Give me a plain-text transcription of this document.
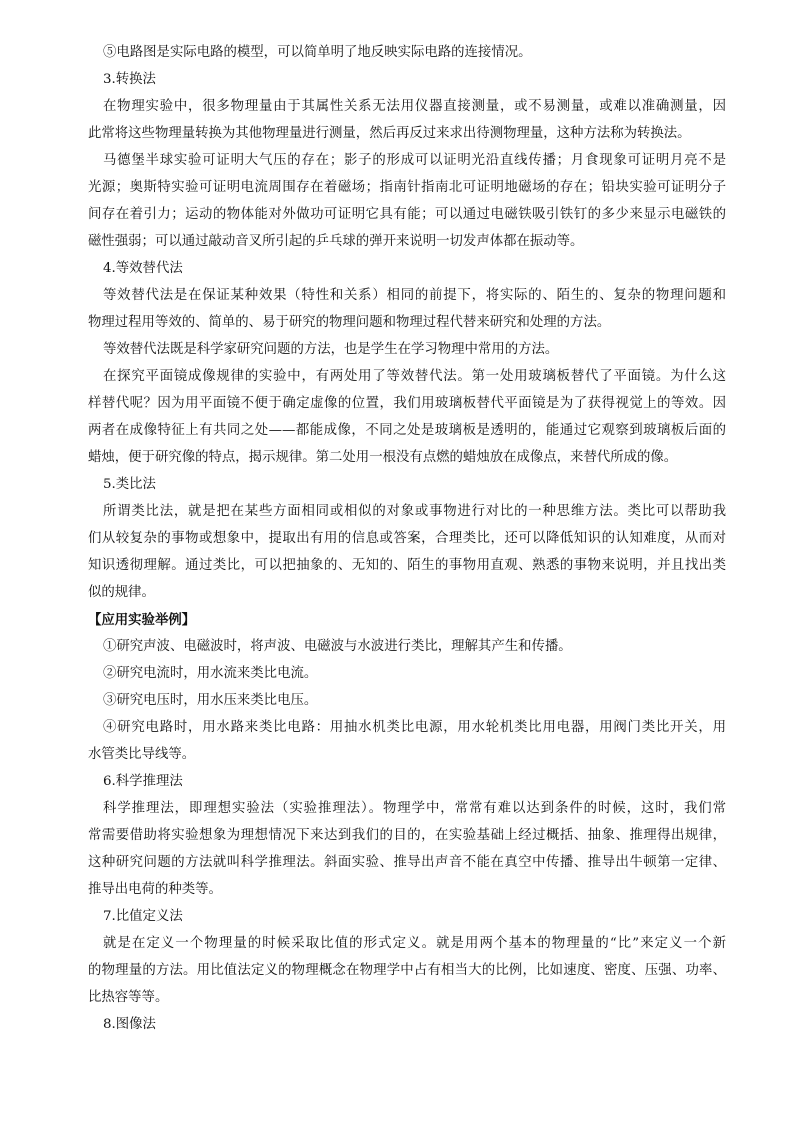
⑤电路图是实际电路的模型，可以简单明了地反映实际电路的连接情况。
3.转换法
在物理实验中，很多物理量由于其属性关系无法用仪器直接测量，或不易测量，或难以准确测量，因
此常将这些物理量转换为其他物理量进行测量，然后再反过来求出待测物理量，这种方法称为转换法。
马德堡半球实验可证明大气压的存在；影子的形成可以证明光沿直线传播；月食现象可证明月亮不是
光源；奥斯特实验可证明电流周围存在着磁场；指南针指南北可证明地磁场的存在；铅块实验可证明分子
间存在着引力；运动的物体能对外做功可证明它具有能；可以通过电磁铁吸引铁钉的多少来显示电磁铁的
磁性强弱；可以通过敲动音叉所引起的乒乓球的弹开来说明一切发声体都在振动等。
4.等效替代法
等效替代法是在保证某种效果（特性和关系）相同的前提下，将实际的、陌生的、复杂的物理问题和
物理过程用等效的、简单的、易于研究的物理问题和物理过程代替来研究和处理的方法。
等效替代法既是科学家研究问题的方法，也是学生在学习物理中常用的方法。
在探究平面镜成像规律的实验中，有两处用了等效替代法。第一处用玻璃板替代了平面镜。为什么这
样替代呢？因为用平面镜不便于确定虚像的位置，我们用玻璃板替代平面镜是为了获得视觉上的等效。因
两者在成像特征上有共同之处——都能成像，不同之处是玻璃板是透明的，能通过它观察到玻璃板后面的
蜡烛，便于研究像的特点，揭示规律。第二处用一根没有点燃的蜡烛放在成像点，来替代所成的像。
5.类比法
所谓类比法，就是把在某些方面相同或相似的对象或事物进行对比的一种思维方法。类比可以帮助我
们从较复杂的事物或想象中，提取出有用的信息或答案，合理类比，还可以降低知识的认知难度，从而对
知识透彻理解。通过类比，可以把抽象的、无知的、陌生的事物用直观、熟悉的事物来说明，并且找出类
似的规律。
【应用实验举例】
①研究声波、电磁波时，将声波、电磁波与水波进行类比，理解其产生和传播。
②研究电流时，用水流来类比电流。
③研究电压时，用水压来类比电压。
④研究电路时，用水路来类比电路：用抽水机类比电源，用水轮机类比用电器，用阀门类比开关，用
水管类比导线等。
6.科学推理法
科学推理法，即理想实验法（实验推理法）。物理学中，常常有难以达到条件的时候，这时，我们常
常需要借助将实验想象为理想情况下来达到我们的目的，在实验基础上经过概括、抽象、推理得出规律，
这种研究问题的方法就叫科学推理法。斜面实验、推导出声音不能在真空中传播、推导出牛顿第一定律、
推导出电荷的种类等。
7.比值定义法
就是在定义一个物理量的时候采取比值的形式定义。就是用两个基本的物理量的“比”来定义一个新
的物理量的方法。用比值法定义的物理概念在物理学中占有相当大的比例，比如速度、密度、压强、功率、
比热容等等。
8.图像法
